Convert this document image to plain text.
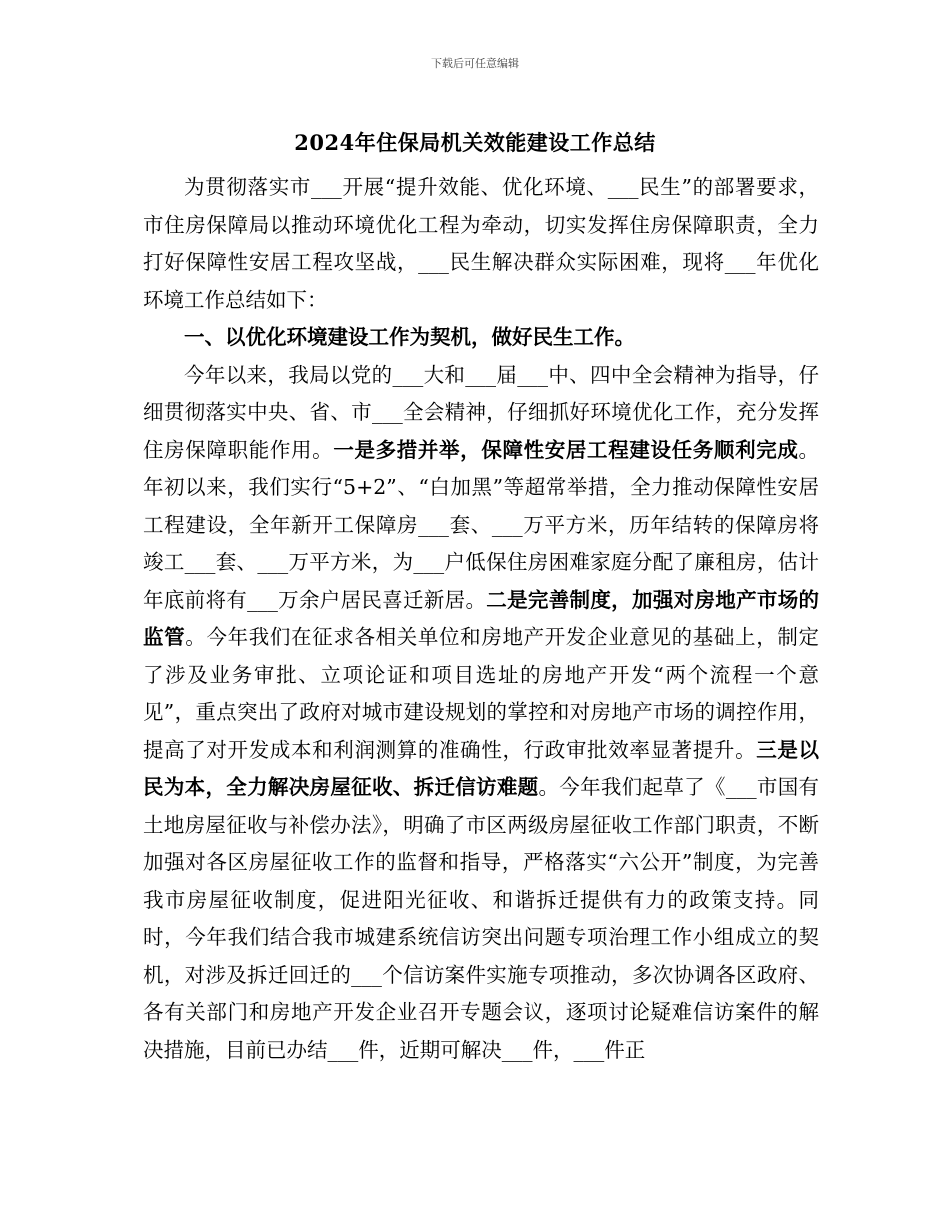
下载后可任意编辑
2024年住保局机关效能建设工作总结

为贯彻落实市___开展“提升效能、优化环境、___民生”的部署要求，市住房保障局以推动环境优化工程为牵动，切实发挥住房保障职责，全力打好保障性安居工程攻坚战，___民生解决群众实际困难，现将___年优化环境工作总结如下：

一、以优化环境建设工作为契机，做好民生工作。

今年以来，我局以党的___大和___届___中、四中全会精神为指导，仔细贯彻落实中央、省、市___全会精神，仔细抓好环境优化工作，充分发挥住房保障职能作用。一是多措并举，保障性安居工程建设任务顺利完成。年初以来，我们实行“5+2”、“白加黑”等超常举措，全力推动保障性安居工程建设，全年新开工保障房___套、___万平方米，历年结转的保障房将竣工___套、___万平方米，为___户低保住房困难家庭分配了廉租房，估计年底前将有___万余户居民喜迁新居。二是完善制度，加强对房地产市场的监管。今年我们在征求各相关单位和房地产开发企业意见的基础上，制定了涉及业务审批、立项论证和项目选址的房地产开发“两个流程一个意见”，重点突出了政府对城市建设规划的掌控和对房地产市场的调控作用，提高了对开发成本和利润测算的准确性，行政审批效率显著提升。三是以民为本，全力解决房屋征收、拆迁信访难题。今年我们起草了《___市国有土地房屋征收与补偿办法》，明确了市区两级房屋征收工作部门职责，不断加强对各区房屋征收工作的监督和指导，严格落实“六公开”制度，为完善我市房屋征收制度，促进阳光征收、和谐拆迁提供有力的政策支持。同时，今年我们结合我市城建系统信访突出问题专项治理工作小组成立的契机，对涉及拆迁回迁的___个信访案件实施专项推动，多次协调各区政府、各有关部门和房地产开发企业召开专题会议，逐项讨论疑难信访案件的解决措施，目前已办结___件，近期可解决___件，___件正
